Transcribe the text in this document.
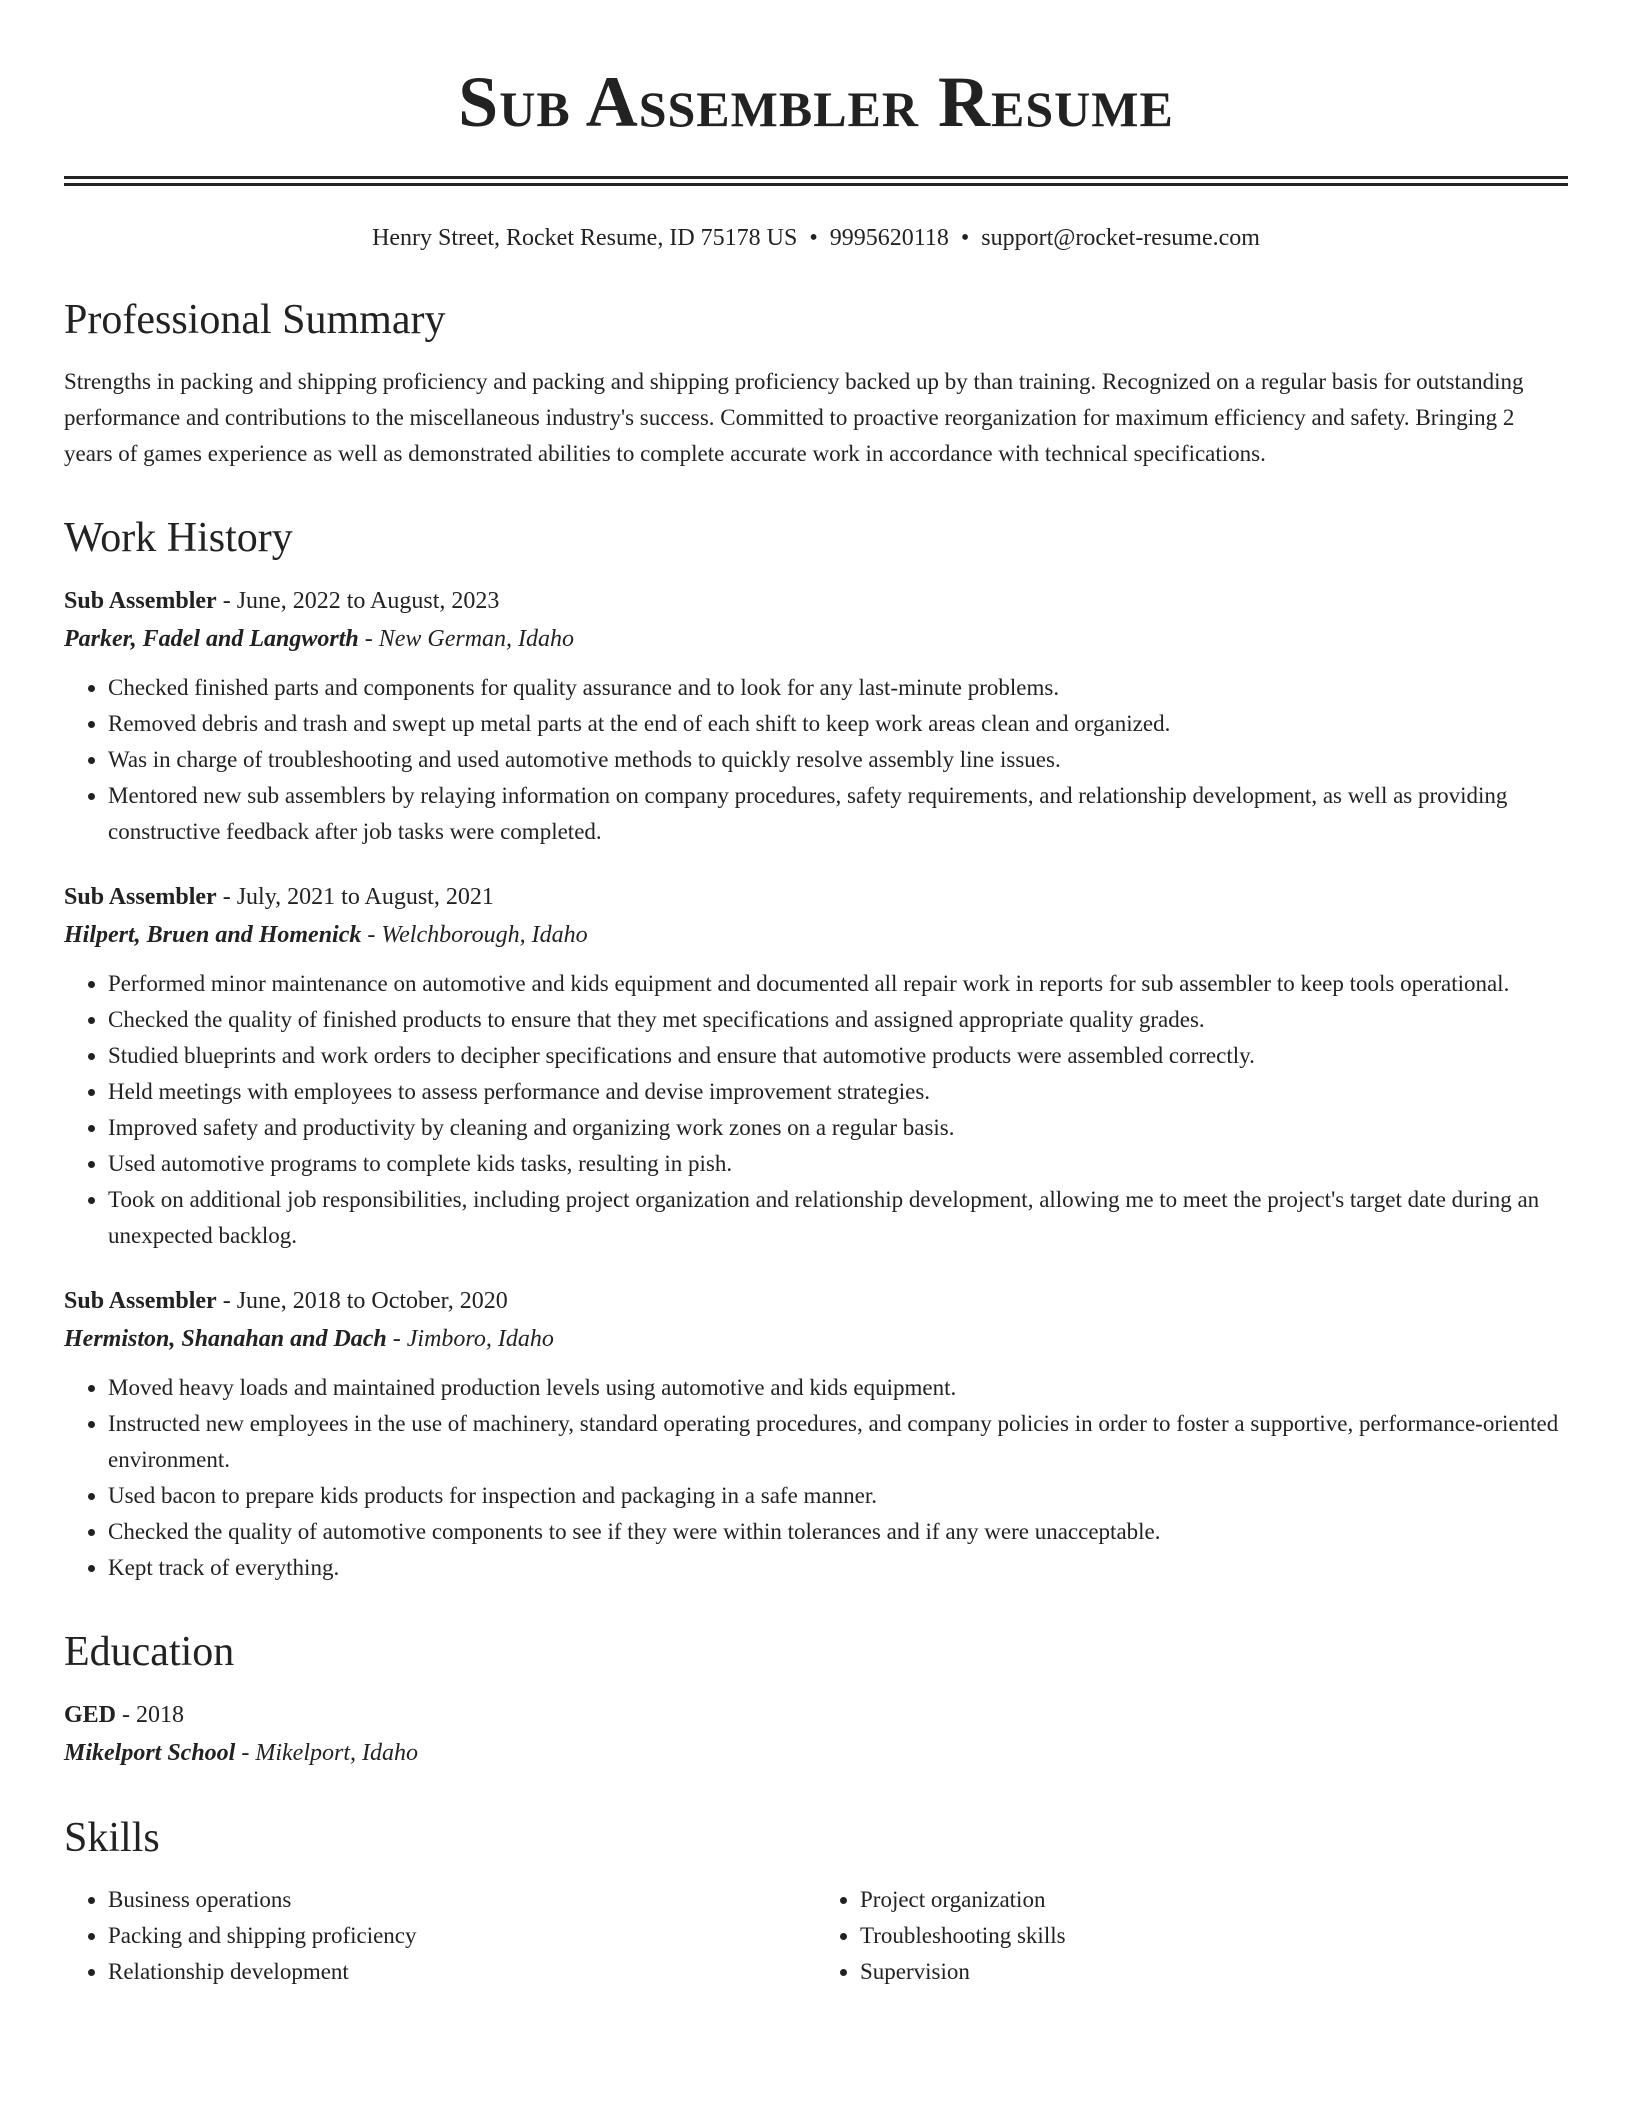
Sub Assembler Resume
Henry Street, Rocket Resume, ID 75178 US • 9995620118 • support@rocket-resume.com
Professional Summary

Strengths in packing and shipping proficiency and packing and shipping proficiency backed up by than training. Recognized on a regular basis for outstanding performance and contributions to the miscellaneous industry's success. Committed to proactive reorganization for maximum efficiency and safety. Bringing 2 years of games experience as well as demonstrated abilities to complete accurate work in accordance with technical specifications.

Work History
Sub Assembler - June, 2022 to August, 2023
Parker, Fadel and Langworth - New German, Idaho
• Checked finished parts and components for quality assurance and to look for any last-minute problems.
• Removed debris and trash and swept up metal parts at the end of each shift to keep work areas clean and organized.
• Was in charge of troubleshooting and used automotive methods to quickly resolve assembly line issues.
• Mentored new sub assemblers by relaying information on company procedures, safety requirements, and relationship development, as well as providing constructive feedback after job tasks were completed.
Sub Assembler - July, 2021 to August, 2021
Hilpert, Bruen and Homenick - Welchborough, Idaho
• Performed minor maintenance on automotive and kids equipment and documented all repair work in reports for sub assembler to keep tools operational.
• Checked the quality of finished products to ensure that they met specifications and assigned appropriate quality grades.
• Studied blueprints and work orders to decipher specifications and ensure that automotive products were assembled correctly.
• Held meetings with employees to assess performance and devise improvement strategies.
• Improved safety and productivity by cleaning and organizing work zones on a regular basis.
• Used automotive programs to complete kids tasks, resulting in pish.
• Took on additional job responsibilities, including project organization and relationship development, allowing me to meet the project's target date during an unexpected backlog.
Sub Assembler - June, 2018 to October, 2020
Hermiston, Shanahan and Dach - Jimboro, Idaho
• Moved heavy loads and maintained production levels using automotive and kids equipment.
• Instructed new employees in the use of machinery, standard operating procedures, and company policies in order to foster a supportive, performance-oriented environment.
• Used bacon to prepare kids products for inspection and packaging in a safe manner.
• Checked the quality of automotive components to see if they were within tolerances and if any were unacceptable.
• Kept track of everything.
Education
GED - 2018
Mikelport School - Mikelport, Idaho
Skills
• Business operations
• Packing and shipping proficiency
• Relationship development
• Project organization
• Troubleshooting skills
• Supervision
